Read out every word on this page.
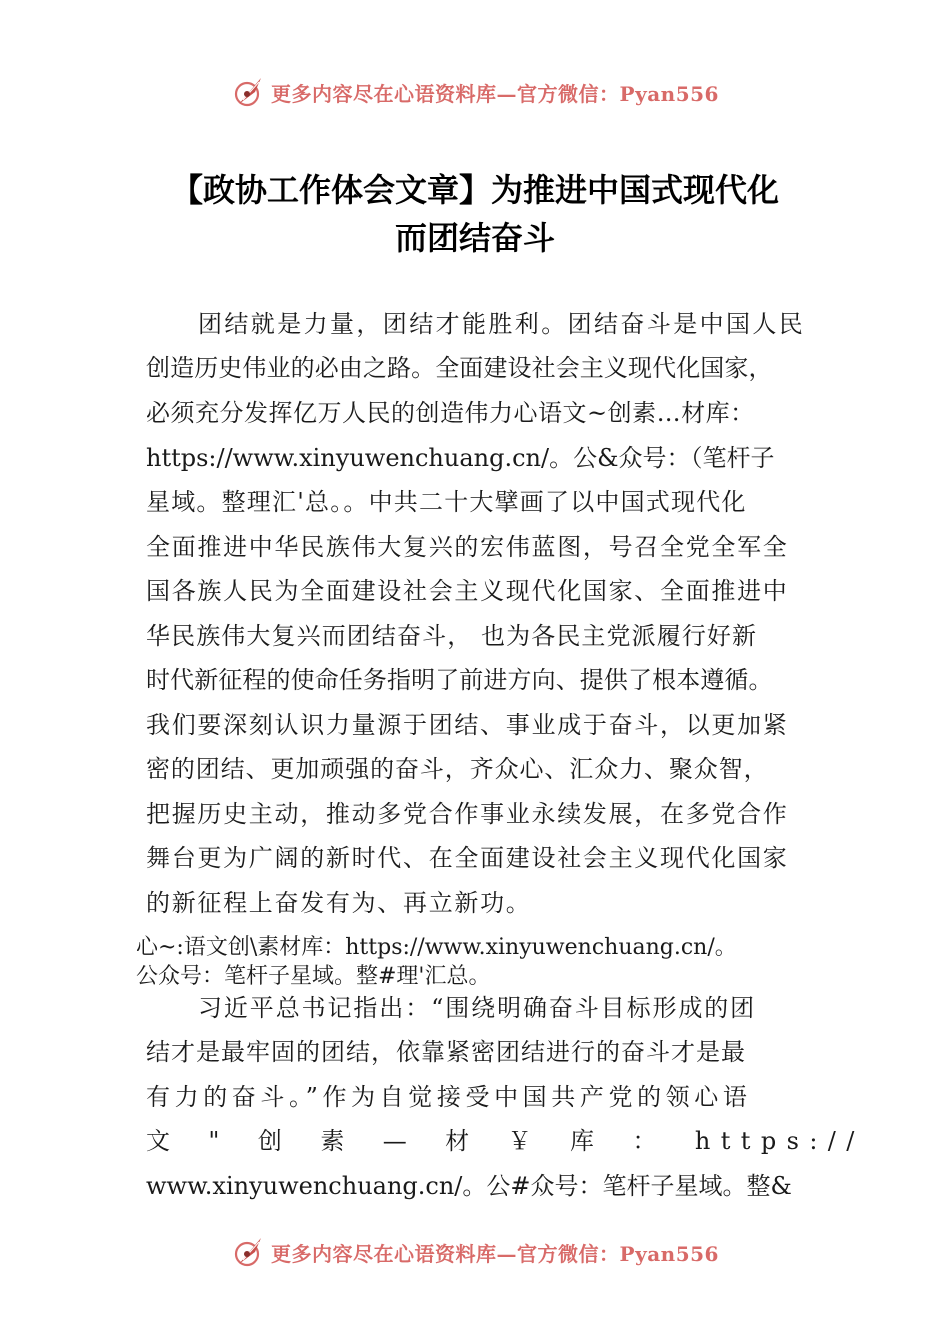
更多内容尽在心语资料库—官方微信：Pyan556
【政协工作体会文章】为推进中国式现代化
而团结奋斗
团结就是力量，团结才能胜利。团结奋斗是中国人民
创造历史伟业的必由之路。全面建设社会主义现代化国家，
必须充分发挥亿万人民的创造伟力心语文~创素…材库：
https://www.xinyuwenchuang.cn/。公&众号：（笔杆子
星域。整理汇'总。。中共二十大擘画了以中国式现代化
全面推进中华民族伟大复兴的宏伟蓝图，号召全党全军全
国各族人民为全面建设社会主义现代化国家、全面推进中
华民族伟大复兴而团结奋斗， 也为各民主党派履行好新
时代新征程的使命任务指明了前进方向、提供了根本遵循。
我们要深刻认识力量源于团结、事业成于奋斗，以更加紧
密的团结、更加顽强的奋斗，齐众心、汇众力、聚众智，
把握历史主动，推动多党合作事业永续发展，在多党合作
舞台更为广阔的新时代、在全面建设社会主义现代化国家
的新征程上奋发有为、再立新功。
心~:语文创\素材库：https://www.xinyuwenchuang.cn/。
公众号：笔杆子星域。整#理'汇总。
习近平总书记指出：“围绕明确奋斗目标形成的团
结才是最牢固的团结，依靠紧密团结进行的奋斗才是最
有力的奋斗。”作为自觉接受中国共产党的领心语
文 " 创 素 — 材 ￥ 库 ： https://
www.xinyuwenchuang.cn/。公#众号：笔杆子星域。整&
更多内容尽在心语资料库—官方微信：Pyan556
